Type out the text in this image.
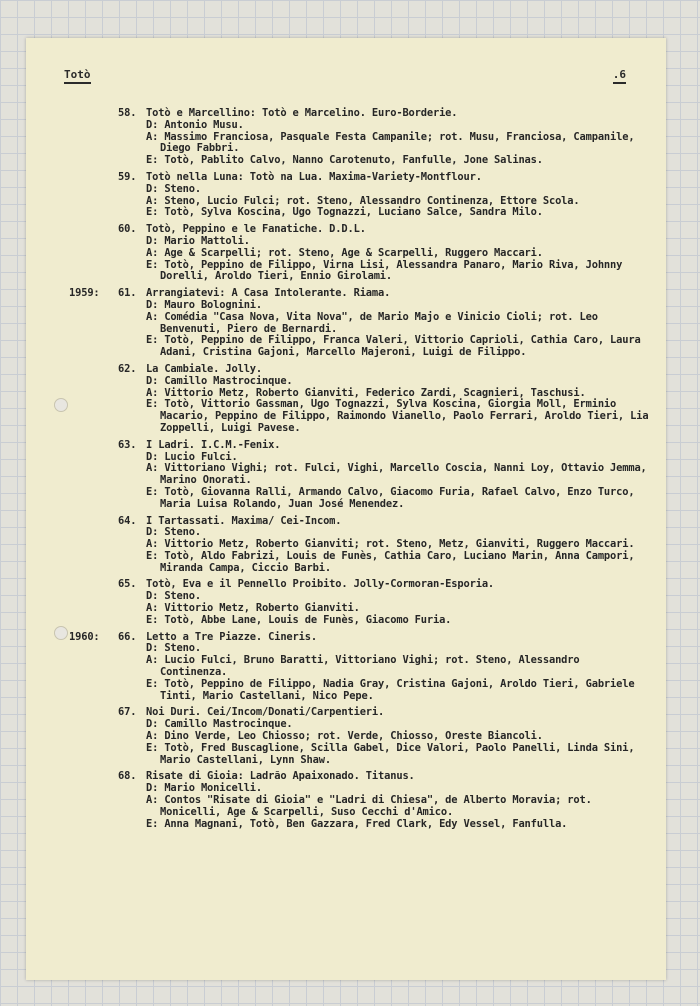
Totò	.6
58. Totò e Marcellino: Totò e Marcelino. Euro-Borderie.
D: Antonio Musu.
A: Massimo Franciosa, Pasquale Festa Campanile; rot. Musu, Franciosa, Campanile, Diego Fabbri.
E: Totò, Pablito Calvo, Nanno Carotenuto, Fanfulle, Jone Salinas.
59. Totò nella Luna: Totò na Lua. Maxima-Variety-Montflour.
D: Steno.
A: Steno, Lucio Fulci; rot. Steno, Alessandro Continenza, Ettore Scola.
E: Totò, Sylva Koscina, Ugo Tognazzi, Luciano Salce, Sandra Milo.
60. Totò, Peppino e le Fanatiche. D.D.L.
D: Mario Mattoli.
A: Age & Scarpelli; rot. Steno, Age & Scarpelli, Ruggero Maccari.
E: Totò, Peppino de Filippo, Virna Lisi, Alessandra Panaro, Mario Riva, Johnny Dorelli, Aroldo Tieri, Ennio Girolami.
1959: 61. Arrangiatevi: A Casa Intolerante. Riama.
D: Mauro Bolognini.
A: Comédia "Casa Nova, Vita Nova", de Mario Majo e Vinicio Cioli; rot. Leo Benvenuti, Piero de Bernardi.
E: Totò, Peppino de Filippo, Franca Valeri, Vittorio Caprioli, Cathia Caro, Laura Adani, Cristina Gajoni, Marcello Majeroni, Luigi de Filippo.
62. La Cambiale. Jolly.
D: Camillo Mastrocinque.
A: Vittorio Metz, Roberto Gianviti, Federico Zardi, Scagnieri, Taschusi.
E: Totò, Vittorio Gassman, Ugo Tognazzi, Sylva Koscina, Giorgia Moll, Erminio Macario, Peppino de Filippo, Raimondo Vianello, Paolo Ferrari, Aroldo Tieri, Lia Zoppelli, Luigi Pavese.
63. I Ladri. I.C.M.-Fenix.
D: Lucio Fulci.
A: Vittoriano Vighi; rot. Fulci, Vighi, Marcello Coscia, Nanni Loy, Ottavio Jemma, Marino Onorati.
E: Totò, Giovanna Ralli, Armando Calvo, Giacomo Furia, Rafael Calvo, Enzo Turco, Maria Luisa Rolando, Juan José Menendez.
64. I Tartassati. Maxima/ Cei-Incom.
D: Steno.
A: Vittorio Metz, Roberto Gianviti; rot. Steno, Metz, Gianviti, Ruggero Maccari.
E: Totò, Aldo Fabrizi, Louis de Funès, Cathia Caro, Luciano Marin, Anna Campori, Miranda Campa, Ciccio Barbi.
65. Totò, Eva e il Pennello Proibito. Jolly-Cormoran-Esporia.
D: Steno.
A: Vittorio Metz, Roberto Gianviti.
E: Totò, Abbe Lane, Louis de Funès, Giacomo Furia.
1960: 66. Letto a Tre Piazze. Cineris.
D: Steno.
A: Lucio Fulci, Bruno Baratti, Vittoriano Vighi; rot. Steno, Alessandro Continenza.
E: Totò, Peppino de Filippo, Nadia Gray, Cristina Gajoni, Aroldo Tieri, Gabriele Tinti, Mario Castellani, Nico Pepe.
67. Noi Duri. Cei/Incom/Donati/Carpentieri.
D: Camillo Mastrocinque.
A: Dino Verde, Leo Chiosso; rot. Verde, Chiosso, Oreste Biancoli.
E: Totò, Fred Buscaglione, Scilla Gabel, Dice Valori, Paolo Panelli, Linda Sini, Mario Castellani, Lynn Shaw.
68. Risate di Gioia: Ladrão Apaixonado. Titanus.
D: Mario Monicelli.
A: Contos "Risate di Gioia" e "Ladri di Chiesa", de Alberto Moravia; rot. Monicelli, Age & Scarpelli, Suso Cecchi d'Amico.
E: Anna Magnani, Totò, Ben Gazzara, Fred Clark, Edy Vessel, Fanfulla.
